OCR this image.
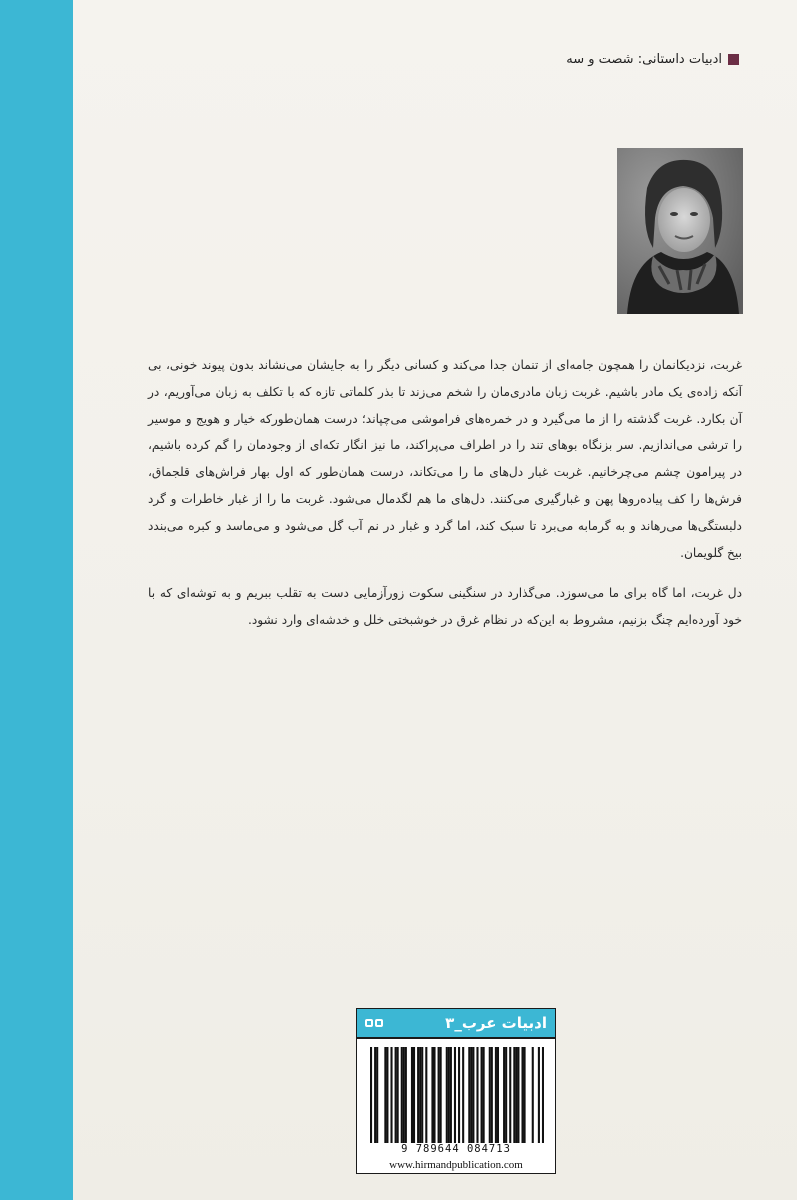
ادبیات داستانی: شصت و سه

غربت، نزدیکانمان را همچون جامه‌ای از تنمان جدا می‌کند و کسانی دیگر را به جایشان می‌نشاند بدون پیوند خونی، بی آنکه زاده‌ی یک مادر باشیم. غربت زبان مادری‌مان را شخم می‌زند تا بذر کلماتی تازه که با تکلف به زبان می‌آوریم، در آن بکارد. غربت گذشته را از ما می‌گیرد و در خمره‌های فراموشی می‌چپاند؛ درست همان‌طورکه خیار و هویج و موسیر را ترشی می‌اندازیم. سر بزنگاه بوهای تند را در اطراف می‌پراکند، ما نیز انگار تکه‌ای از وجودمان را گم کرده باشیم، در پیرامون چشم می‌چرخانیم. غربت غبار دل‌های ما را می‌تکاند، درست همان‌طور که اول بهار فراش‌های قلجماق، فرش‌ها را کف پیاده‌روها پهن و غبارگیری می‌کنند. دل‌های ما هم لگدمال می‌شود. غربت ما را از غبار خاطرات و گرد دلبستگی‌ها می‌رهاند و به گرمابه می‌برد تا سبک کند، اما گرد و غبار در نم آب گل می‌شود و می‌ماسد و کبره می‌بندد بیخ گلویمان.

دل غربت، اما گاه برای ما می‌سوزد. می‌گذارد در سنگینی سکوت زورآزمایی دست به تقلب ببریم و به توشه‌ای که با خود آورده‌ایم چنگ بزنیم، مشروط به این‌که در نظام غرق در خوشبختی خلل و خدشه‌ای وارد نشود.

ادبیات عرب_۳
9 789644 084713
www.hirmandpublication.com
